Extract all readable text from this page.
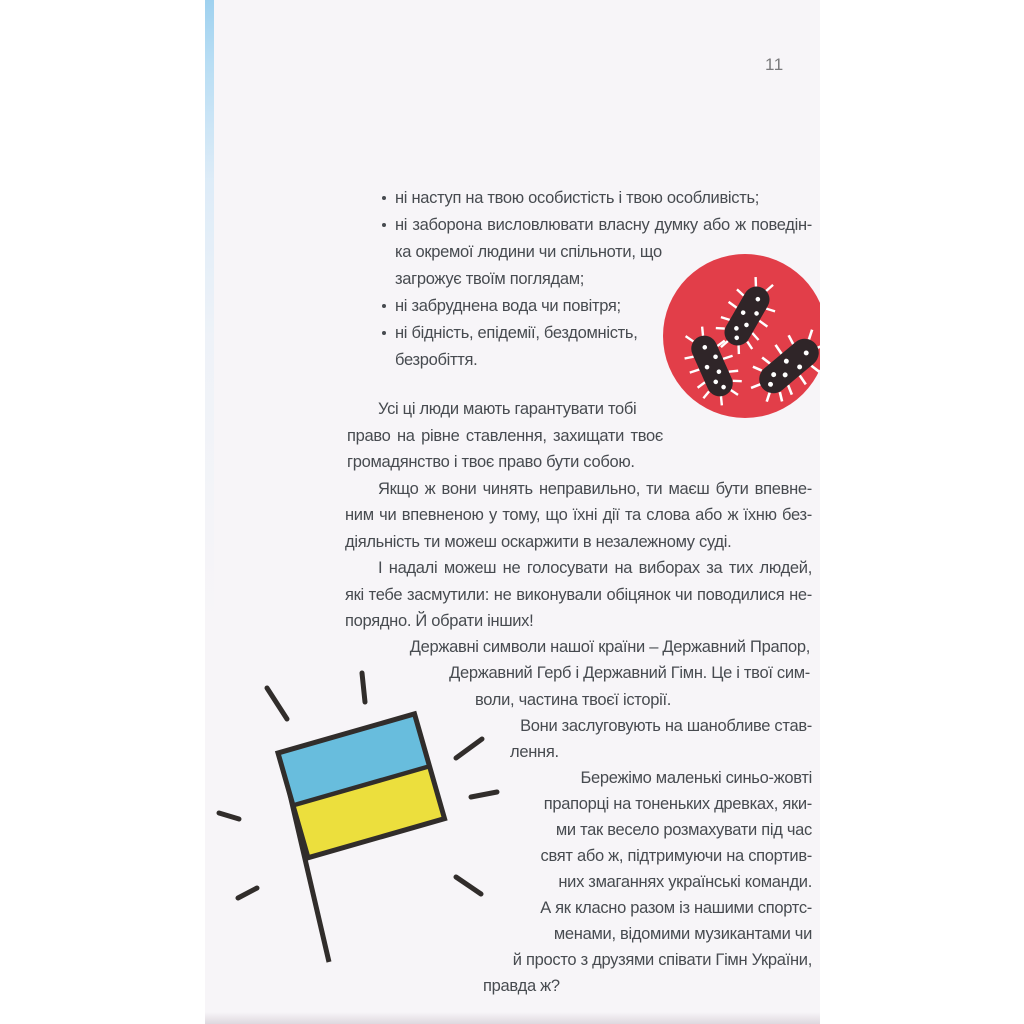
11
ні наступ на твою особистість і твою особливість;
ні заборона висловлювати власну думку або ж поведін-
ка окремої людини чи спільноти, що
загрожує твоїм поглядам;
ні забруднена вода чи повітря;
ні бідність, епідемії, бездомність,
безробіття.
Усі ці люди мають гарантувати тобі
право на рівне ставлення, захищати твоє
громадянство і твоє право бути собою.
Якщо ж вони чинять неправильно, ти маєш бути впевне-
ним чи впевненою у тому, що їхні дії та слова або ж їхню без-
діяльність ти можеш оскаржити в незалежному суді.
І надалі можеш не голосувати на виборах за тих людей,
які тебе засмутили: не виконували обіцянок чи поводилися не-
порядно. Й обрати інших!
Державні символи нашої країни – Державний Прапор,
Державний Герб і Державний Гімн. Це і твої сим-
воли, частина твоєї історії.
Вони заслуговують на шанобливе став-
лення.
Бережімо маленькі синьо-жовті
прапорці на тоненьких древках, яки-
ми так весело розмахувати під час
свят або ж, підтримуючи на спортив-
них змаганнях українські команди.
А як класно разом із нашими спортс-
менами, відомими музикантами чи
й просто з друзями співати Гімн України,
правда ж?
